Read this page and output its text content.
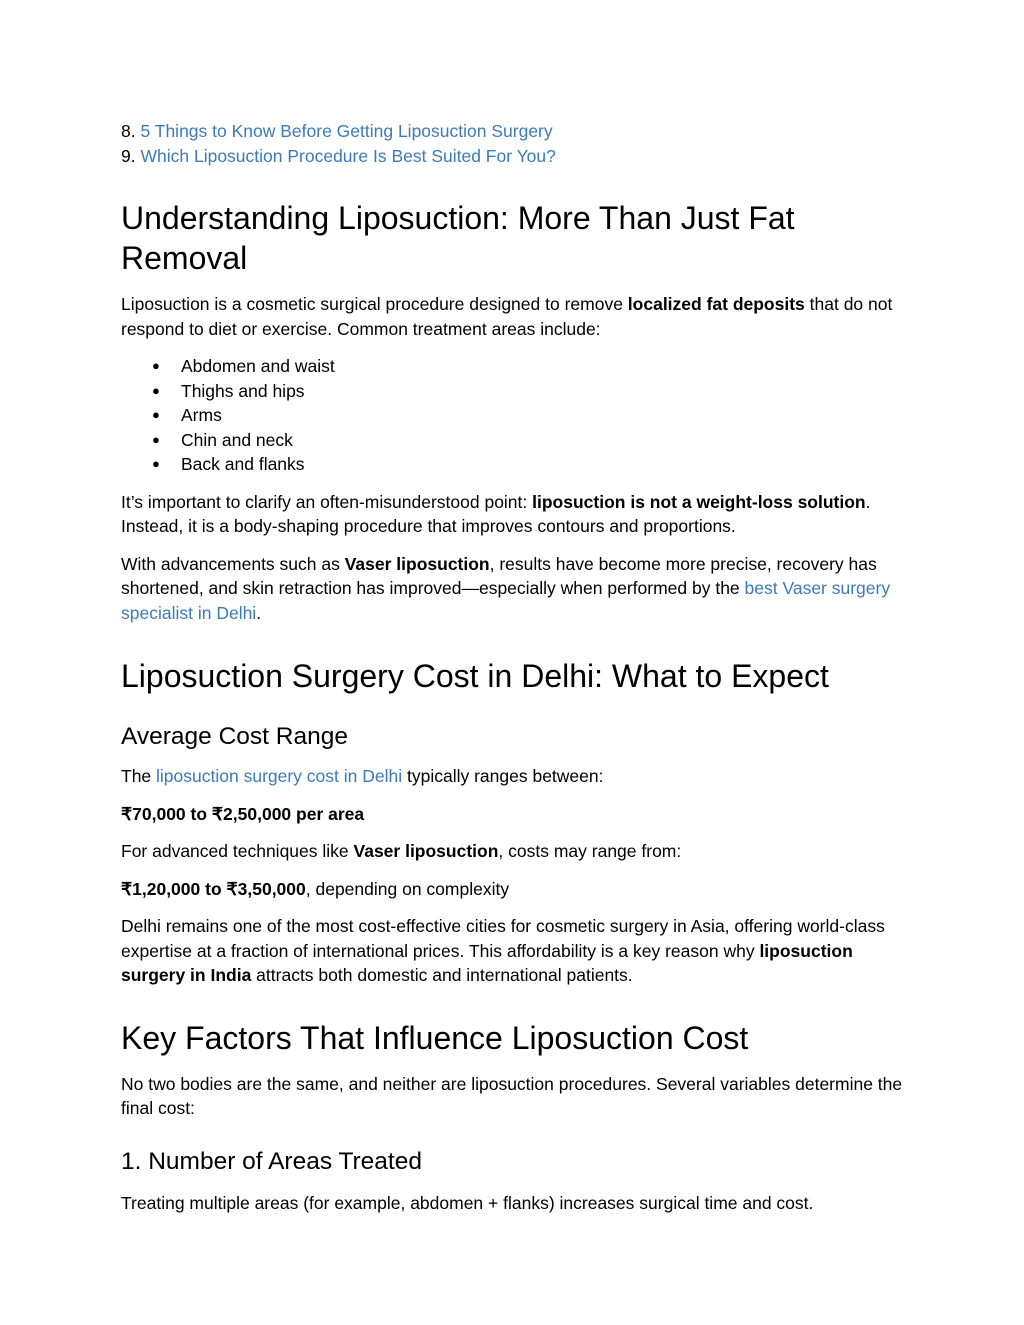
8. 5 Things to Know Before Getting Liposuction Surgery
9. Which Liposuction Procedure Is Best Suited For You?
Understanding Liposuction: More Than Just Fat Removal

Liposuction is a cosmetic surgical procedure designed to remove localized fat deposits that do not respond to diet or exercise. Common treatment areas include:

● Abdomen and waist
● Thighs and hips
● Arms
● Chin and neck
● Back and flanks

It’s important to clarify an often-misunderstood point: liposuction is not a weight-loss solution. Instead, it is a body-shaping procedure that improves contours and proportions.

With advancements such as Vaser liposuction, results have become more precise, recovery has shortened, and skin retraction has improved—especially when performed by the best Vaser surgery specialist in Delhi.

Liposuction Surgery Cost in Delhi: What to Expect
Average Cost Range

The liposuction surgery cost in Delhi typically ranges between:

₹70,000 to ₹2,50,000 per area

For advanced techniques like Vaser liposuction, costs may range from:

₹1,20,000 to ₹3,50,000, depending on complexity

Delhi remains one of the most cost-effective cities for cosmetic surgery in Asia, offering world-class expertise at a fraction of international prices. This affordability is a key reason why liposuction surgery in India attracts both domestic and international patients.

Key Factors That Influence Liposuction Cost

No two bodies are the same, and neither are liposuction procedures. Several variables determine the final cost:

1. Number of Areas Treated

Treating multiple areas (for example, abdomen + flanks) increases surgical time and cost.
